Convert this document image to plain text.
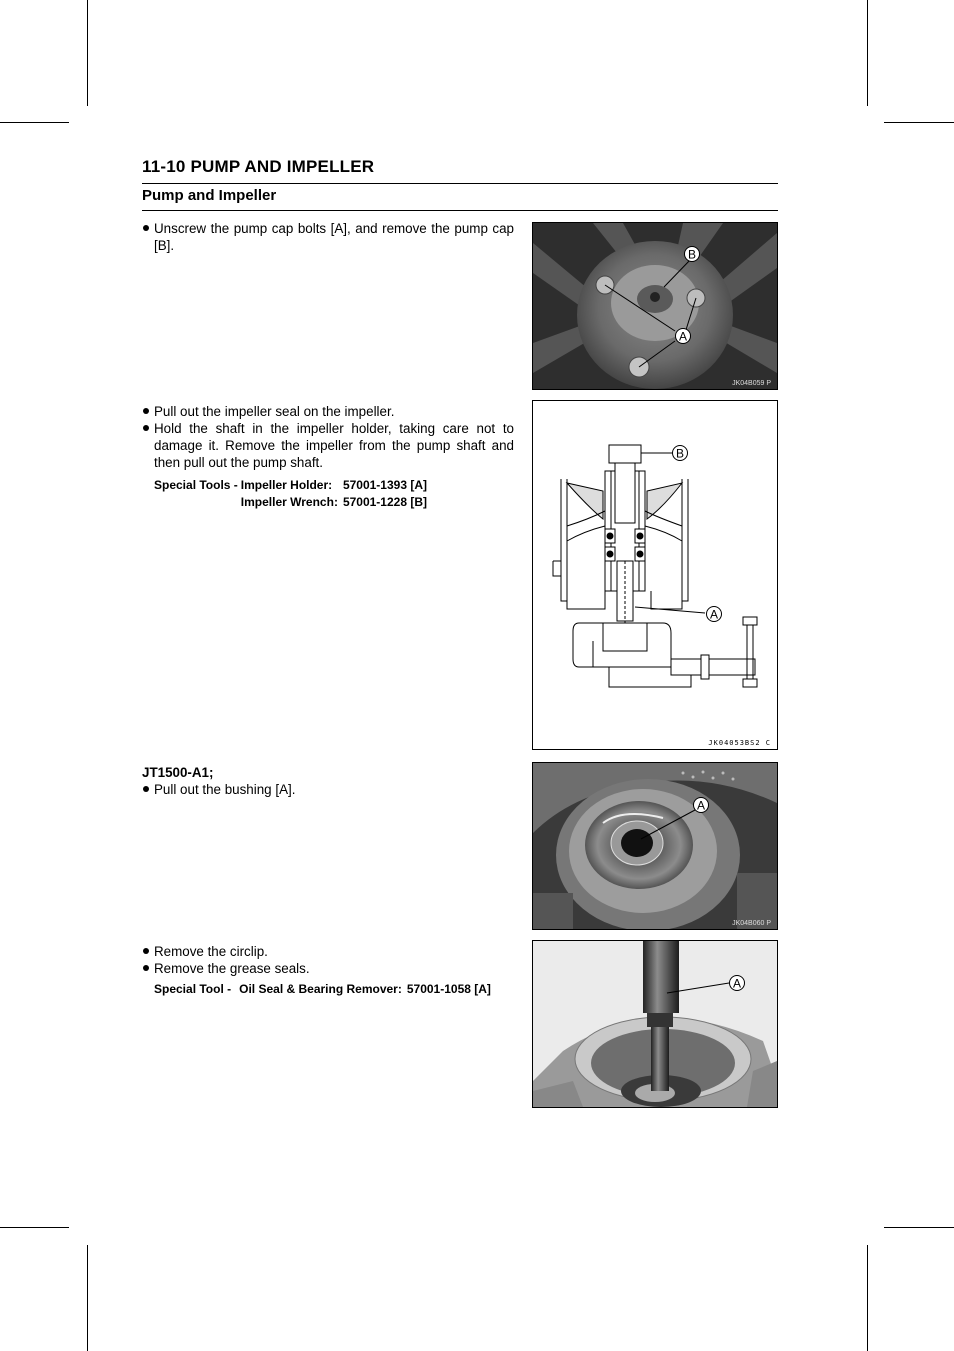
11-10 PUMP AND IMPELLER
Pump and Impeller
Unscrew the pump cap bolts [A], and remove the pump cap [B].
B
A
JK04B059 P
Pull out the impeller seal on the impeller.
Hold the shaft in the impeller holder, taking care not to damage it. Remove the impeller from the pump shaft and then pull out the pump shaft.
Special Tools -	Impeller Holder:	57001-1393 [A]
	Impeller Wrench:	57001-1228 [B]
B
A
JK04053BS2 C
JT1500-A1;
Pull out the bushing [A].
A
JK04B060 P
Remove the circlip.
Remove the grease seals.
Special Tool -	Oil Seal & Bearing Remover:	57001-1058 [A]	A
